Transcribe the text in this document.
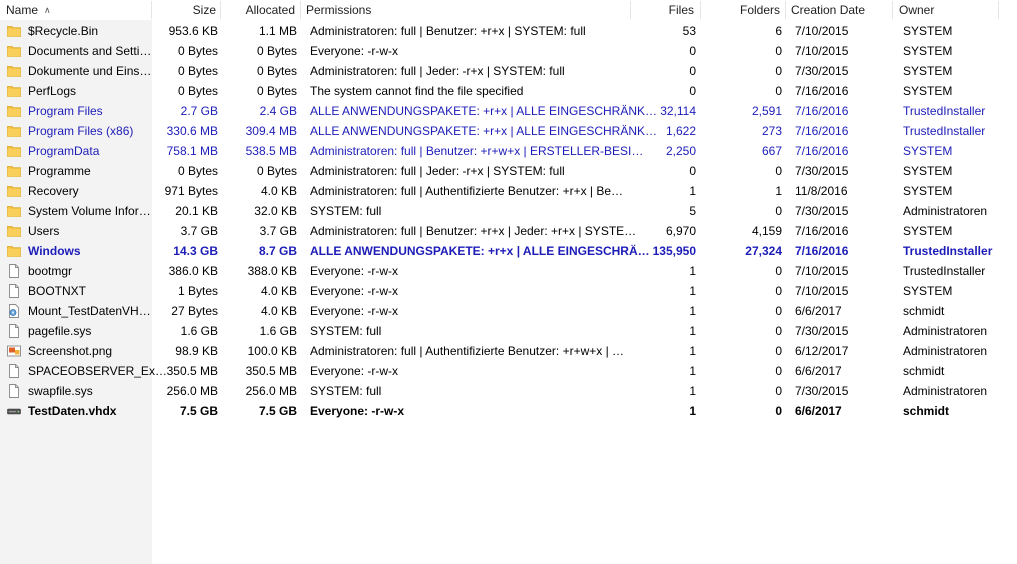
Name ∧	Size	Allocated Permissions	Files	Folders Creation Date	Owner
$Recycle.Bin	953.6 KB	1.1 MB Administratoren: full | Benutzer: +r+x | SYSTEM: full	53	6 7/10/2015	SYSTEM
Documents and Setti…	0 Bytes	0 Bytes Everyone: -r-w-x	0	0 7/10/2015	SYSTEM
Dokumente und Eins…	0 Bytes	0 Bytes Administratoren: full | Jeder: -r+x | SYSTEM: full	0	0 7/30/2015	SYSTEM
PerfLogs	0 Bytes	0 Bytes The system cannot find the file specified	0	0 7/16/2016	SYSTEM
Program Files	2.7 GB	2.4 GB ALLE ANWENDUNGSPAKETE: +r+x | ALLE EINGESCHRÄNK… 32,114	2,591 7/16/2016	TrustedInstaller
Program Files (x86)	330.6 MB	309.4 MB ALLE ANWENDUNGSPAKETE: +r+x | ALLE EINGESCHRÄNK… 1,622	273 7/16/2016	TrustedInstaller
ProgramData	758.1 MB	538.5 MB Administratoren: full | Benutzer: +r+w+x | ERSTELLER-BESI…	2,250	667 7/16/2016	SYSTEM
Programme	0 Bytes	0 Bytes Administratoren: full | Jeder: -r+x | SYSTEM: full	0	0 7/30/2015	SYSTEM
Recovery	971 Bytes	4.0 KB Administratoren: full | Authentifizierte Benutzer: +r+x | Be…	1	1 11/8/2016	SYSTEM
System Volume Infor…	20.1 KB	32.0 KB SYSTEM: full	5	0 7/30/2015	Administratoren
Users	3.7 GB	3.7 GB Administratoren: full | Benutzer: +r+x | Jeder: +r+x | SYSTE…	6,970	4,159 7/16/2016	SYSTEM
Windows	14.3 GB	8.7 GB ALLE ANWENDUNGSPAKETE: +r+x | ALLE EINGESCHRÄ… 135,950	27,324 7/16/2016	TrustedInstaller
bootmgr	386.0 KB	388.0 KB Everyone: -r-w-x	1	0 7/10/2015	TrustedInstaller
BOOTNXT	1 Bytes	4.0 KB Everyone: -r-w-x	1	0 7/10/2015	SYSTEM
Mount_TestDatenVH…	27 Bytes	4.0 KB Everyone: -r-w-x	1	0 6/6/2017	schmidt
pagefile.sys	1.6 GB	1.6 GB SYSTEM: full	1	0 7/30/2015	Administratoren
Screenshot.png	98.9 KB	100.0 KB Administratoren: full | Authentifizierte Benutzer: +r+w+x | …	1	0 6/12/2017	Administratoren
SPACEOBSERVER_Ex… 350.5 MB	350.5 MB Everyone: -r-w-x	1	0 6/6/2017	schmidt
swapfile.sys	256.0 MB	256.0 MB SYSTEM: full	1	0 7/30/2015	Administratoren
TestDaten.vhdx	7.5 GB	7.5 GB Everyone: -r-w-x	1	0 6/6/2017	schmidt
